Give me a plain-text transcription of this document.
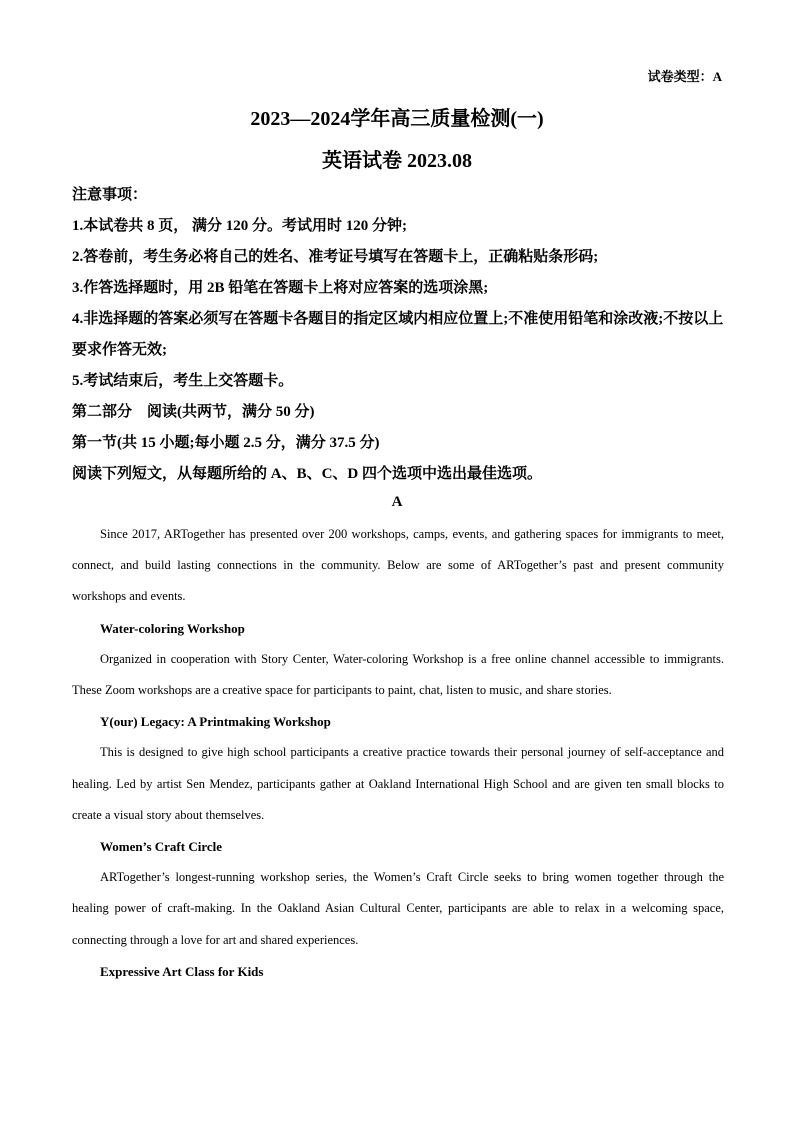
试卷类型：A
2023—2024学年高三质量检测(一)
英语试卷 2023.08
注意事项：
1.本试卷共 8 页， 满分 120 分。考试用时 120 分钟;
2.答卷前，考生务必将自己的姓名、准考证号填写在答题卡上，正确粘贴条形码;
3.作答选择题时，用 2B 铅笔在答题卡上将对应答案的选项涂黑;
4.非选择题的答案必须写在答题卡各题目的指定区域内相应位置上;不准使用铅笔和涂改液;不按以上要求作答无效;
5.考试结束后，考生上交答题卡。
第二部分　阅读(共两节，满分 50 分)
第一节(共 15 小题;每小题 2.5 分，满分 37.5 分)
阅读下列短文，从每题所给的 A、B、C、D 四个选项中选出最佳选项。
A

Since 2017, ARTogether has presented over 200 workshops, camps, events, and gathering spaces for immigrants to meet, connect, and build lasting connections in the community. Below are some of ARTogether’s past and present community workshops and events.

Water-coloring Workshop

Organized in cooperation with Story Center, Water-coloring Workshop is a free online channel accessible to immigrants. These Zoom workshops are a creative space for participants to paint, chat, listen to music, and share stories.

Y(our) Legacy: A Printmaking Workshop

This is designed to give high school participants a creative practice towards their personal journey of self-acceptance and healing. Led by artist Sen Mendez, participants gather at Oakland International High School and are given ten small blocks to create a visual story about themselves.

Women’s Craft Circle

ARTogether’s longest-running workshop series, the Women’s Craft Circle seeks to bring women together through the healing power of craft-making. In the Oakland Asian Cultural Center, participants are able to relax in a welcoming space, connecting through a love for art and shared experiences.

Expressive Art Class for Kids
